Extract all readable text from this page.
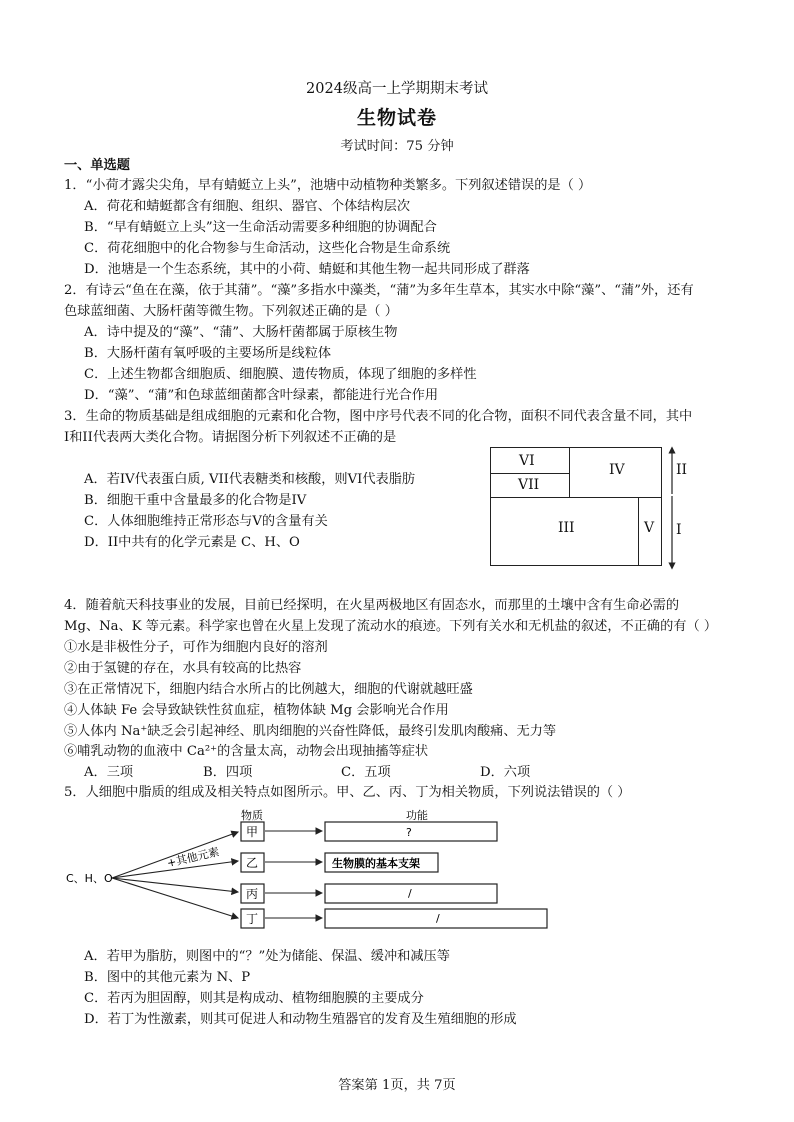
2024级高一上学期期末考试
生物试卷
考试时间：75 分钟
一、单选题
1．“小荷才露尖尖角，早有蜻蜓立上头”，池塘中动植物种类繁多。下列叙述错误的是（ ）
A．荷花和蜻蜓都含有细胞、组织、器官、个体结构层次
B．“早有蜻蜓立上头”这一生命活动需要多种细胞的协调配合
C．荷花细胞中的化合物参与生命活动，这些化合物是生命系统
D．池塘是一个生态系统，其中的小荷、蜻蜓和其他生物一起共同形成了群落
2．有诗云“鱼在在藻，依于其蒲”。“藻”多指水中藻类，“蒲”为多年生草本，其实水中除“藻”、“蒲”外，还有
色球蓝细菌、大肠杆菌等微生物。下列叙述正确的是（ ）
A．诗中提及的“藻”、“蒲”、大肠杆菌都属于原核生物
B．大肠杆菌有氧呼吸的主要场所是线粒体
C．上述生物都含细胞质、细胞膜、遗传物质，体现了细胞的多样性
D．“藻”、“蒲”和色球蓝细菌都含叶绿素，都能进行光合作用
3．生命的物质基础是组成细胞的元素和化合物，图中序号代表不同的化合物，面积不同代表含量不同，其中
I和II代表两大类化合物。请据图分析下列叙述不正确的是
A．若IV代表蛋白质, VII代表糖类和核酸，则VI代表脂肪
B．细胞干重中含量最多的化合物是IV
C．人体细胞维持正常形态与V的含量有关
D．II中共有的化学元素是 C、H、O
VI
VII
IV
III	V
II
I
4．随着航天科技事业的发展，目前已经探明，在火星两极地区有固态水，而那里的土壤中含有生命必需的
Mg、Na、K 等元素。科学家也曾在火星上发现了流动水的痕迹。下列有关水和无机盐的叙述，不正确的有（ ）
①水是非极性分子，可作为细胞内良好的溶剂
②由于氢键的存在，水具有较高的比热容
③在正常情况下，细胞内结合水所占的比例越大，细胞的代谢就越旺盛
④人体缺 Fe 会导致缺铁性贫血症，植物体缺 Mg 会影响光合作用
⑤人体内 Na⁺缺乏会引起神经、肌肉细胞的兴奋性降低，最终引发肌肉酸痛、无力等
⑥哺乳动物的血液中 Ca²⁺的含量太高，动物会出现抽搐等症状
A．三项	B．四项	C．五项	D．六项
5．人细胞中脂质的组成及相关特点如图所示。甲、乙、丙、丁为相关物质，下列说法错误的（ ）
物质	功能
C、H、O
+其他元素
甲
乙
丙
丁
?
生物膜的基本支架
/
/
A．若甲为脂肪，则图中的“？”处为储能、保温、缓冲和减压等
B．图中的其他元素为 N、P
C．若丙为胆固醇，则其是构成动、植物细胞膜的主要成分
D．若丁为性激素，则其可促进人和动物生殖器官的发育及生殖细胞的形成
答案第 1页，共 7页
